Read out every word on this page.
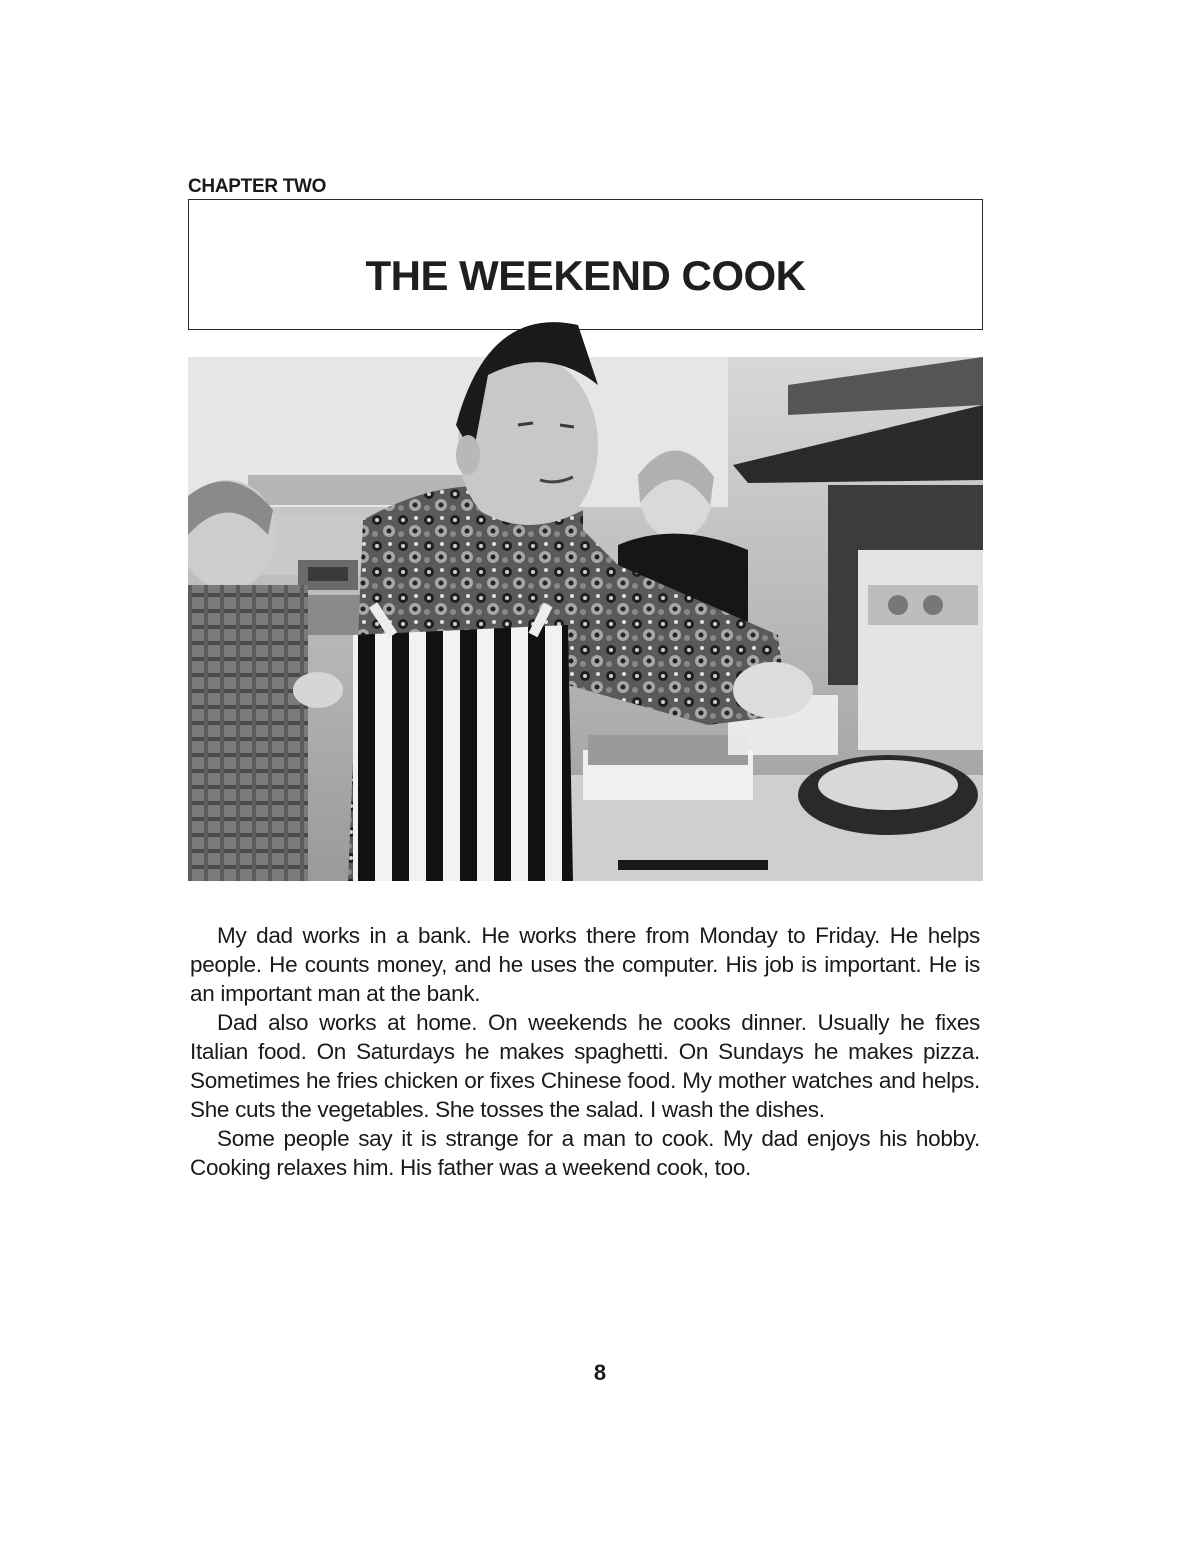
CHAPTER TWO
THE WEEKEND COOK

My dad works in a bank. He works there from Monday to Friday. He helps people. He counts money, and he uses the computer. His job is important. He is an important man at the bank.

Dad also works at home. On weekends he cooks dinner. Usually he fixes Italian food. On Saturdays he makes spaghetti. On Sundays he makes pizza. Sometimes he fries chicken or fixes Chinese food. My mother watches and helps. She cuts the vegetables. She tosses the salad. I wash the dishes.

Some people say it is strange for a man to cook. My dad enjoys his hobby. Cooking relaxes him. His father was a weekend cook, too.

8
